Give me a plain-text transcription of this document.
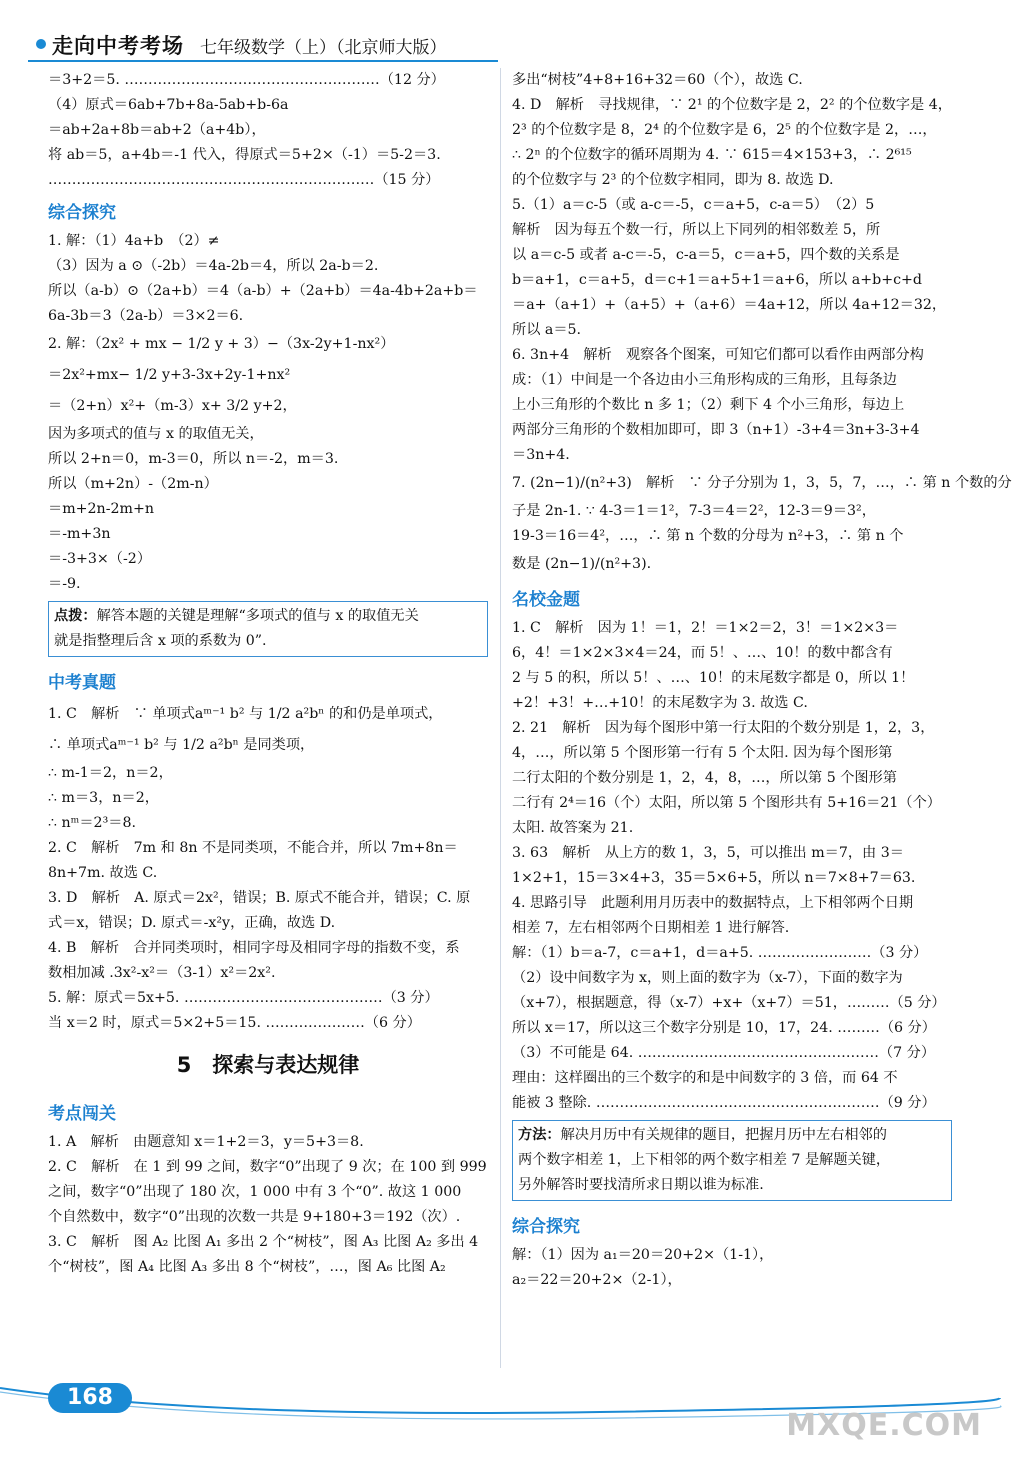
走向中考考场 七年级数学（上）（北京师大版）
＝3+2＝5. ………………………………………………（12 分）
（4）原式＝6ab+7b+8a-5ab+b-6a
＝ab+2a+8b＝ab+2（a+4b），
将 ab＝5，a+4b＝-1 代入，得原式＝5+2×（-1）＝5-2＝3.
……………………………………………………………（15 分）
综合探究
1. 解：（1）4a+b　（2）≠
（3）因为 a ⊙（-2b）＝4a-2b＝4，所以 2a-b＝2.
所以（a-b）⊙（2a+b）＝4（a-b）+（2a+b）＝4a-4b+2a+b＝
6a-3b＝3（2a-b）＝3×2＝6.
2. 解：（2x² + mx − 1/2 y + 3）−（3x-2y+1-nx²）
＝2x²+mx− 1/2 y+3-3x+2y-1+nx²
＝（2+n）x²+（m-3）x+ 3/2 y+2，
因为多项式的值与 x 的取值无关，
所以 2+n＝0，m-3＝0，所以 n＝-2，m＝3.
所以（m+2n）-（2m-n）
＝m+2n-2m+n
＝-m+3n
＝-3+3×（-2）
＝-9.
点拨：解答本题的关键是理解“多项式的值与 x 的取值无关
就是指整理后含 x 项的系数为 0”.
中考真题
1. C　解析　∵ 单项式aᵐ⁻¹ b² 与 1/2 a²bⁿ 的和仍是单项式，
∴ 单项式aᵐ⁻¹ b² 与 1/2 a²bⁿ 是同类项，
∴ m-1＝2，n＝2，
∴ m＝3，n＝2，
∴ nᵐ＝2³＝8.
2. C　解析　7m 和 8n 不是同类项，不能合并，所以 7m+8n＝
8n+7m. 故选 C.
3. D　解析　A. 原式＝2x²，错误；B. 原式不能合并，错误；C. 原
式＝x，错误；D. 原式＝-x²y，正确，故选 D.
4. B　解析　合并同类项时，相同字母及相同字母的指数不变，系
数相加减 .3x²-x²＝（3-1）x²＝2x².
5. 解：原式＝5x+5. ……………………………………（3 分）
当 x＝2 时，原式＝5×2+5＝15. …………………（6 分）
5　探索与表达规律
考点闯关
1. A　解析　由题意知 x＝1+2＝3，y＝5+3＝8.
2. C　解析　在 1 到 99 之间，数字“0”出现了 9 次；在 100 到 999
之间，数字“0”出现了 180 次，1 000 中有 3 个“0”. 故这 1 000
个自然数中，数字“0”出现的次数一共是 9+180+3＝192（次）.
3. C　解析　图 A₂ 比图 A₁ 多出 2 个“树枝”，图 A₃ 比图 A₂ 多出 4
个“树枝”，图 A₄ 比图 A₃ 多出 8 个“树枝”，…，图 A₆ 比图 A₂
多出“树枝”4+8+16+32＝60（个），故选 C.
4. D　解析　寻找规律，∵ 2¹ 的个位数字是 2，2² 的个位数字是 4，
2³ 的个位数字是 8，2⁴ 的个位数字是 6，2⁵ 的个位数字是 2，…，
∴ 2ⁿ 的个位数字的循环周期为 4. ∵ 615＝4×153+3，∴ 2⁶¹⁵
的个位数字与 2³ 的个位数字相同，即为 8. 故选 D.
5.（1）a＝c-5（或 a-c＝-5，c＝a+5，c-a＝5）　（2）5
解析　因为每五个数一行，所以上下同列的相邻数差 5，所
以 a＝c-5 或者 a-c＝-5，c-a＝5，c＝a+5，四个数的关系是
b＝a+1，c＝a+5，d＝c+1＝a+5+1＝a+6，所以 a+b+c+d
＝a+（a+1）+（a+5）+（a+6）＝4a+12，所以 4a+12＝32，
所以 a＝5.
6. 3n+4　解析　观察各个图案，可知它们都可以看作由两部分构
成：（1）中间是一个各边由小三角形构成的三角形，且每条边
上小三角形的个数比 n 多 1；（2）剩下 4 个小三角形，每边上
两部分三角形的个数相加即可，即 3（n+1）-3+4＝3n+3-3+4
＝3n+4.
7. (2n−1)/(n²+3)　解析　∵ 分子分别为 1，3，5，7，…，∴ 第 n 个数的分
子是 2n-1. ∵ 4-3＝1＝1²，7-3＝4＝2²，12-3＝9＝3²，
19-3＝16＝4²，…，∴ 第 n 个数的分母为 n²+3，∴ 第 n 个
数是 (2n−1)/(n²+3).
名校金题
1. C　解析　因为 1！＝1，2！＝1×2＝2，3！＝1×2×3＝
6，4！＝1×2×3×4＝24，而 5！、…、10！的数中都含有
2 与 5 的积，所以 5！、…、10！的末尾数字都是 0，所以 1！
+2！+3！+…+10！的末尾数字为 3. 故选 C.
2. 21　解析　因为每个图形中第一行太阳的个数分别是 1，2，3，
4，…，所以第 5 个图形第一行有 5 个太阳. 因为每个图形第
二行太阳的个数分别是 1，2，4，8，…，所以第 5 个图形第
二行有 2⁴＝16（个）太阳，所以第 5 个图形共有 5+16＝21（个）
太阳. 故答案为 21.
3. 63　解析　从上方的数 1，3，5，可以推出 m＝7，由 3＝
1×2+1，15＝3×4+3，35＝5×6+5，所以 n＝7×8+7＝63.
4. 思路引导　此题利用月历表中的数据特点，上下相邻两个日期
相差 7，左右相邻两个日期相差 1 进行解答.
解：（1）b＝a-7，c＝a+1，d＝a+5. ……………………（3 分）
（2）设中间数字为 x，则上面的数字为（x-7），下面的数字为
（x+7），根据题意，得（x-7）+x+（x+7）＝51，………（5 分）
所以 x＝17，所以这三个数字分别是 10，17，24. ………（6 分）
（3）不可能是 64. ……………………………………………（7 分）
理由：这样圈出的三个数字的和是中间数字的 3 倍，而 64 不
能被 3 整除. ……………………………………………………（9 分）
方法：解决月历中有关规律的题目，把握月历中左右相邻的
两个数字相差 1，上下相邻的两个数字相差 7 是解题关键，
另外解答时要找清所求日期以谁为标准.
综合探究
解：（1）因为 a₁＝20＝20+2×（1-1），
a₂＝22＝20+2×（2-1），
168
MXQE.COM
